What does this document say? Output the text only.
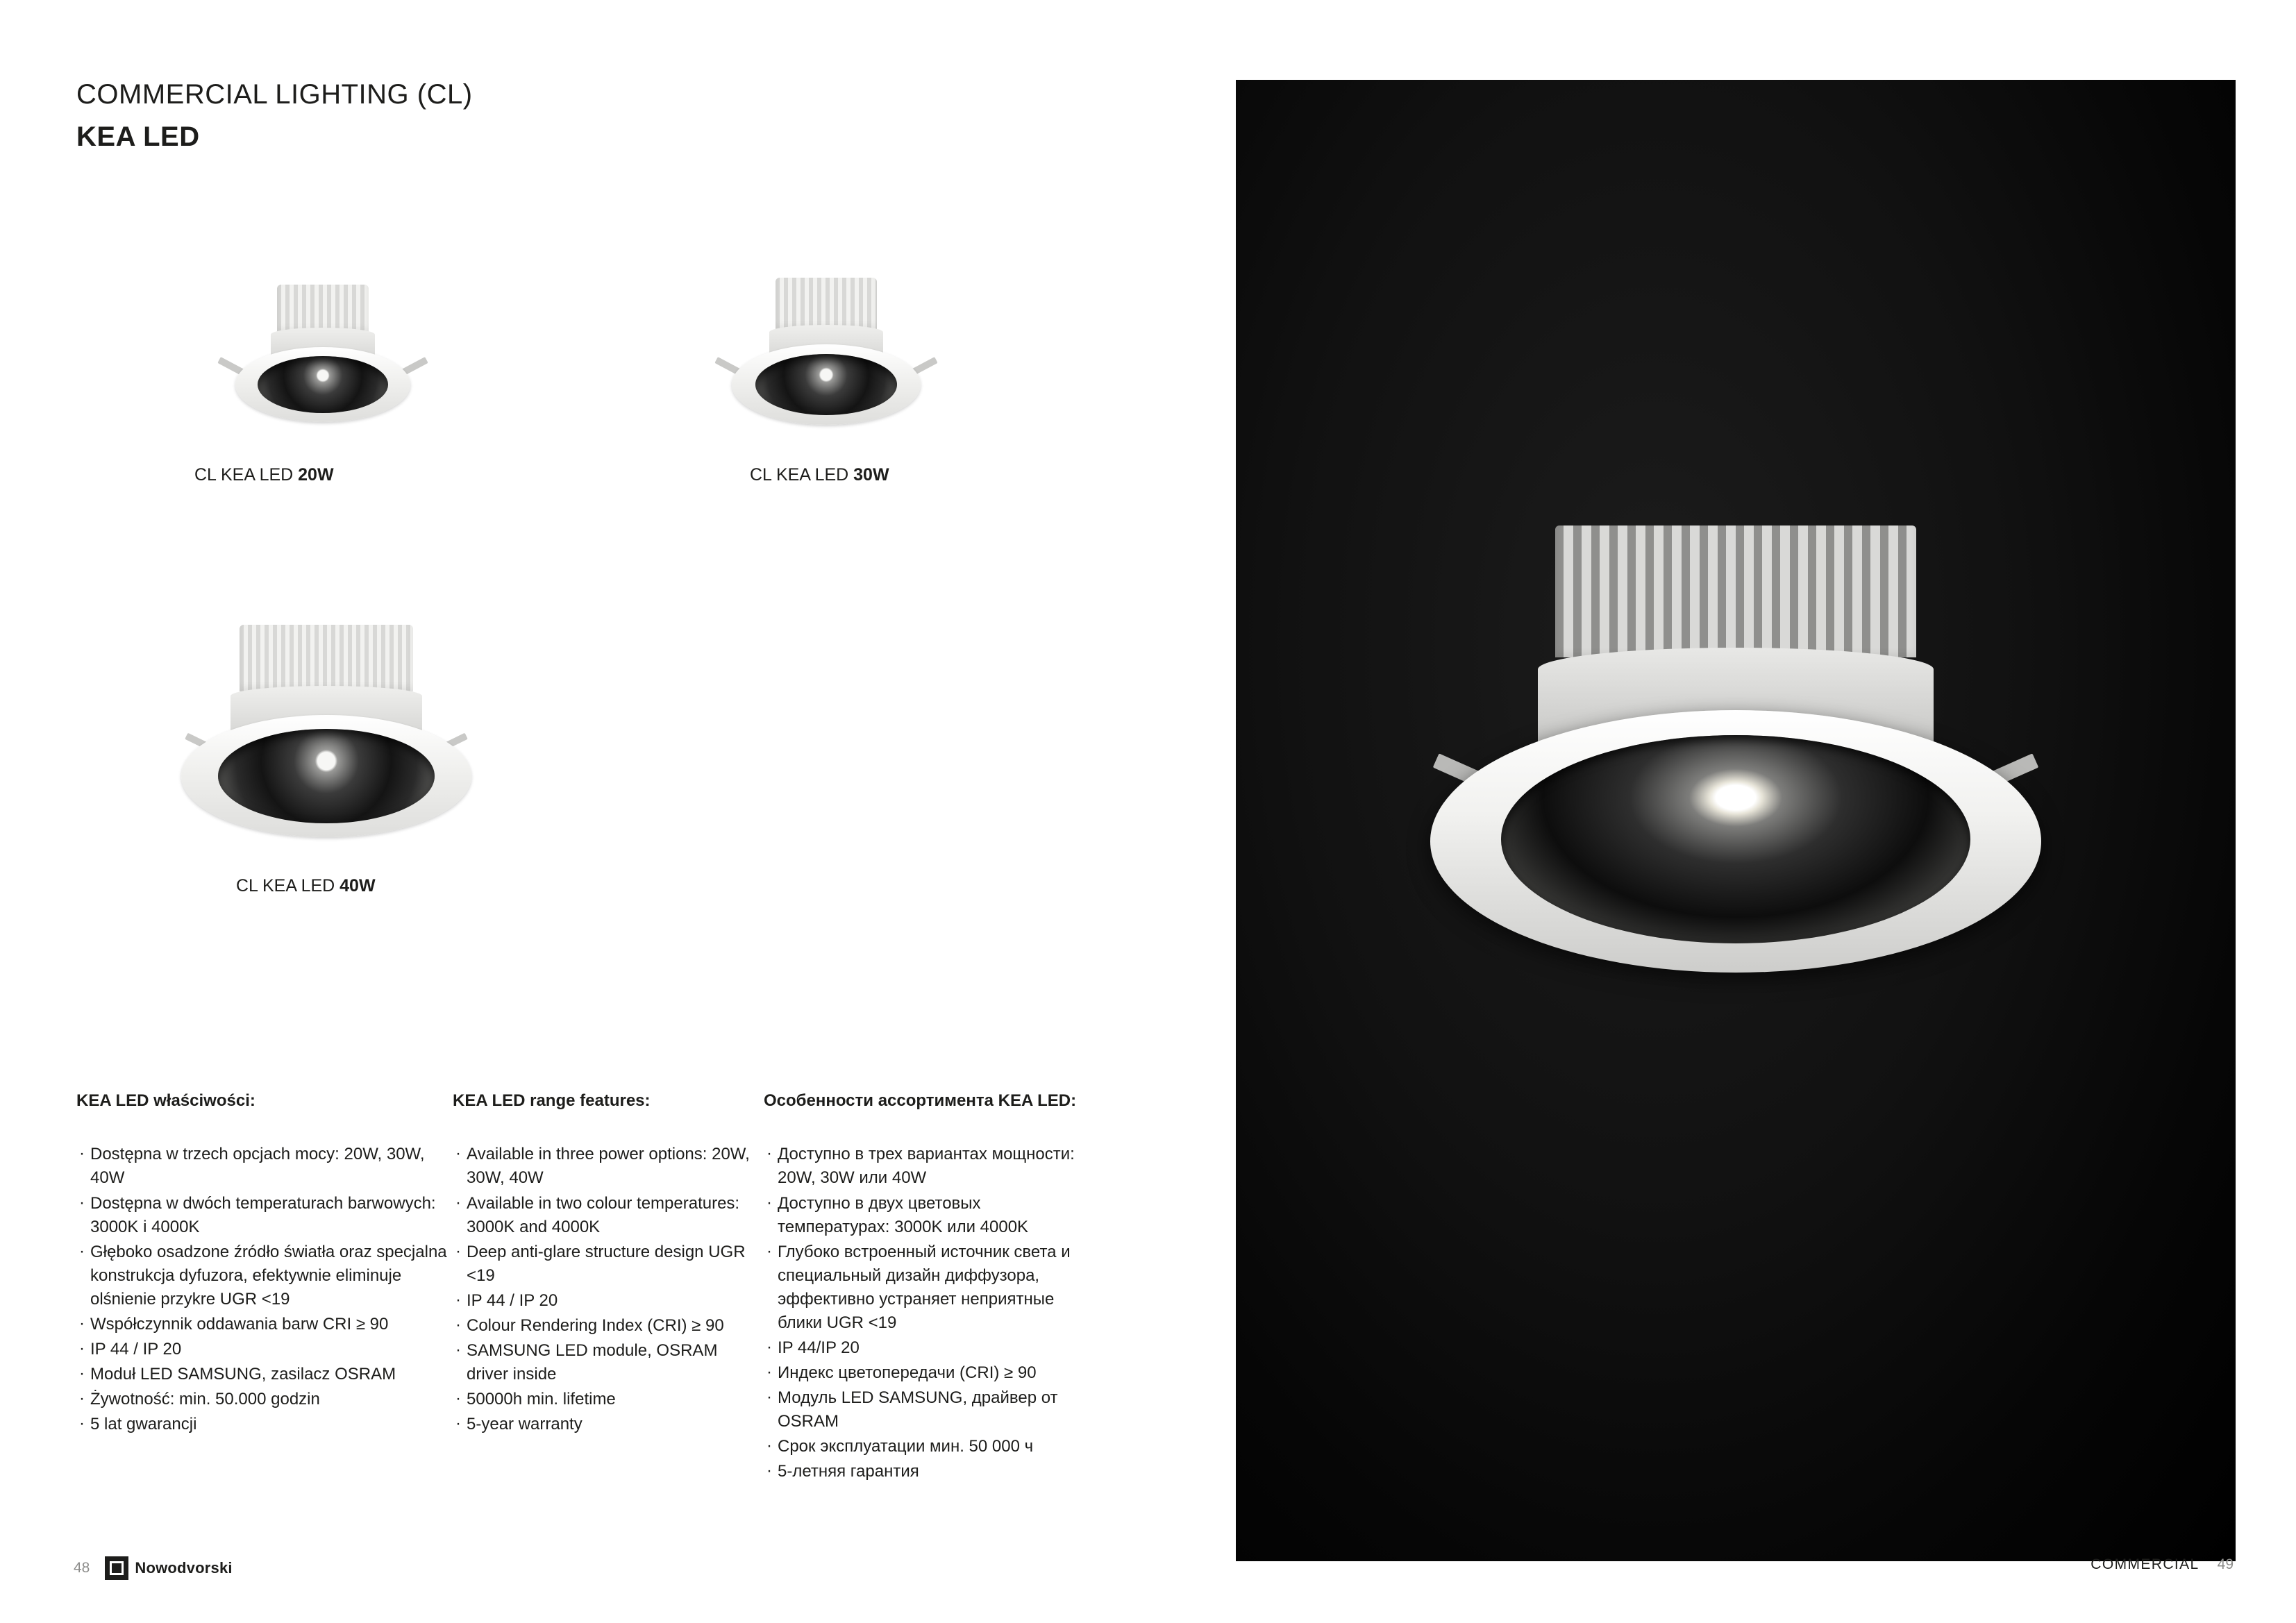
COMMERCIAL LIGHTING (CL)
KEA LED
CL KEA LED 20W	CL KEA LED 30W
CL KEA LED 40W
KEA LED właściwości:
· Dostępna w trzech opcjach mocy: 20W, 30W, 40W
· Dostępna w dwóch temperaturach barwowych: 3000K i 4000K
· Głęboko osadzone źródło światła oraz specjalna konstrukcja dyfuzora, efektywnie eliminuje olśnienie przykre UGR <19
· Współczynnik oddawania barw CRI ≥ 90
· IP 44 / IP 20
· Moduł LED SAMSUNG, zasilacz OSRAM
· Żywotność: min. 50.000 godzin
· 5 lat gwarancji
KEA LED range features:
· Available in three power options: 20W, 30W, 40W
· Available in two colour temperatures: 3000K and 4000K
· Deep anti-glare structure design UGR <19
· IP 44 / IP 20
· Colour Rendering Index (CRI) ≥ 90
· SAMSUNG LED module, OSRAM driver inside
· 50000h min. lifetime
· 5-year warranty
Особенности ассортимента KEA LED:
· Доступно в трех вариантах мощности: 20W, 30W или 40W
· Доступно в двух цветовых температурах: 3000K или 4000K
· Глубоко встроенный источник света и специальный дизайн диффузора, эффективно устраняет неприятные блики UGR <19
· IP 44/IP 20
· Индекс цветопередачи (CRI) ≥ 90
· Модуль LED SAMSUNG, драйвер от OSRAM
· Срок эксплуатации мин. 50 000 ч
· 5-летняя гарантия
48	Nowodvorski	COMMERCIAL 49
